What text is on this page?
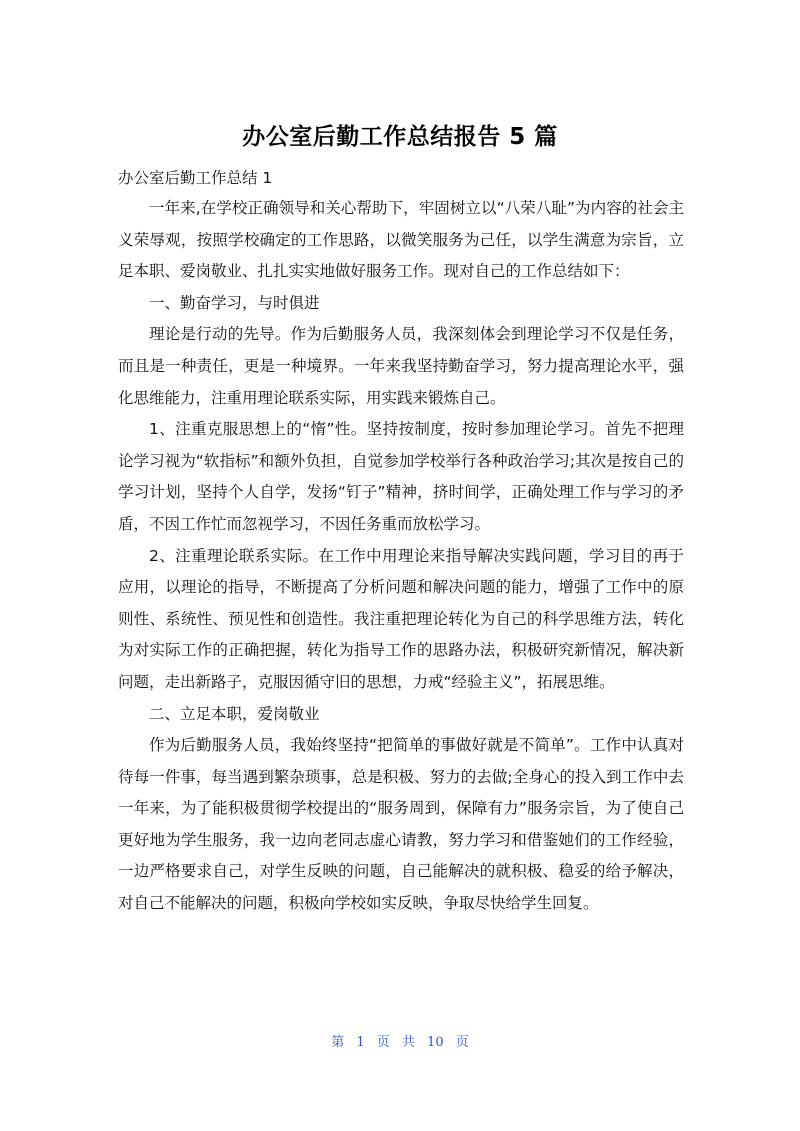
办公室后勤工作总结报告 5 篇
办公室后勤工作总结 1

一年来,在学校正确领导和关心帮助下，牢固树立以“八荣八耻”为内容的社会主义荣辱观，按照学校确定的工作思路，以微笑服务为己任，以学生满意为宗旨，立足本职、爱岗敬业、扎扎实实地做好服务工作。现对自己的工作总结如下：

一、勤奋学习，与时俱进

理论是行动的先导。作为后勤服务人员，我深刻体会到理论学习不仅是任务，而且是一种责任，更是一种境界。一年来我坚持勤奋学习，努力提高理论水平，强化思维能力，注重用理论联系实际，用实践来锻炼自己。

1、注重克服思想上的“惰”性。坚持按制度，按时参加理论学习。首先不把理论学习视为“软指标”和额外负担，自觉参加学校举行各种政治学习;其次是按自己的学习计划，坚持个人自学，发扬“钉子”精神，挤时间学，正确处理工作与学习的矛盾，不因工作忙而忽视学习，不因任务重而放松学习。

2、注重理论联系实际。在工作中用理论来指导解决实践问题，学习目的再于应用，以理论的指导，不断提高了分析问题和解决问题的能力，增强了工作中的原则性、系统性、预见性和创造性。我注重把理论转化为自己的科学思维方法，转化为对实际工作的正确把握，转化为指导工作的思路办法，积极研究新情况，解决新问题，走出新路子，克服因循守旧的思想，力戒“经验主义”，拓展思维。

二、立足本职，爱岗敬业

作为后勤服务人员，我始终坚持“把简单的事做好就是不简单”。工作中认真对待每一件事，每当遇到繁杂琐事，总是积极、努力的去做;全身心的投入到工作中去一年来，为了能积极贯彻学校提出的“服务周到，保障有力”服务宗旨，为了使自己更好地为学生服务，我一边向老同志虚心请教，努力学习和借鉴她们的工作经验，一边严格要求自己，对学生反映的问题，自己能解决的就积极、稳妥的给予解决，对自己不能解决的问题，积极向学校如实反映，争取尽快给学生回复。

第 1 页 共 10 页
